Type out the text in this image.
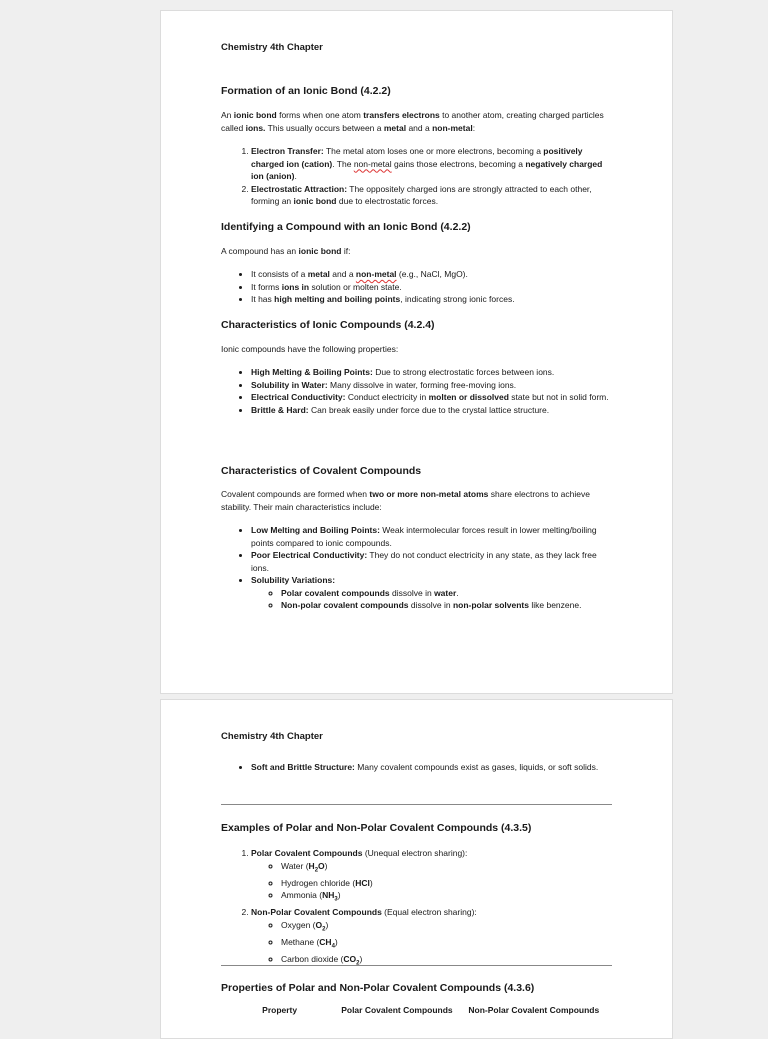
Chemistry 4th Chapter
Formation of an Ionic Bond (4.2.2)

An ionic bond forms when one atom transfers electrons to another atom, creating charged particles called ions. This usually occurs between a metal and a non-metal:

1. Electron Transfer: The metal atom loses one or more electrons, becoming a positively charged ion (cation). The non-metal gains those electrons, becoming a negatively charged ion (anion).
2. Electrostatic Attraction: The oppositely charged ions are strongly attracted to each other, forming an ionic bond due to electrostatic forces.
Identifying a Compound with an Ionic Bond (4.2.2)

A compound has an ionic bond if:

• It consists of a metal and a non-metal (e.g., NaCl, MgO).
• It forms ions in solution or molten state.
• It has high melting and boiling points, indicating strong ionic forces.
Characteristics of Ionic Compounds (4.2.4)

Ionic compounds have the following properties:

• High Melting & Boiling Points: Due to strong electrostatic forces between ions.
• Solubility in Water: Many dissolve in water, forming free-moving ions.
• Electrical Conductivity: Conduct electricity in molten or dissolved state but not in solid form.
• Brittle & Hard: Can break easily under force due to the crystal lattice structure.
Characteristics of Covalent Compounds

Covalent compounds are formed when two or more non-metal atoms share electrons to achieve stability. Their main characteristics include:

• Low Melting and Boiling Points: Weak intermolecular forces result in lower melting/boiling points compared to ionic compounds.
• Poor Electrical Conductivity: They do not conduct electricity in any state, as they lack free ions.
• Solubility Variations:
◦ Polar covalent compounds dissolve in water.
◦ Non-polar covalent compounds dissolve in non-polar solvents like benzene.
Chemistry 4th Chapter
• Soft and Brittle Structure: Many covalent compounds exist as gases, liquids, or soft solids.
Examples of Polar and Non-Polar Covalent Compounds (4.3.5)
1. Polar Covalent Compounds (Unequal electron sharing):
◦ Water $(H_2O)$
◦ Hydrogen chloride (HCl)
◦ Ammonia $(NH_3)$
2. Non-Polar Covalent Compounds (Equal electron sharing):
◦ Oxygen $(O_2)$
◦ Methane $(CH_4)$
◦ Carbon dioxide $(CO_2)$
Properties of Polar and Non-Polar Covalent Compounds (4.3.6)
Property	Polar Covalent Compounds	Non-Polar Covalent Compounds
